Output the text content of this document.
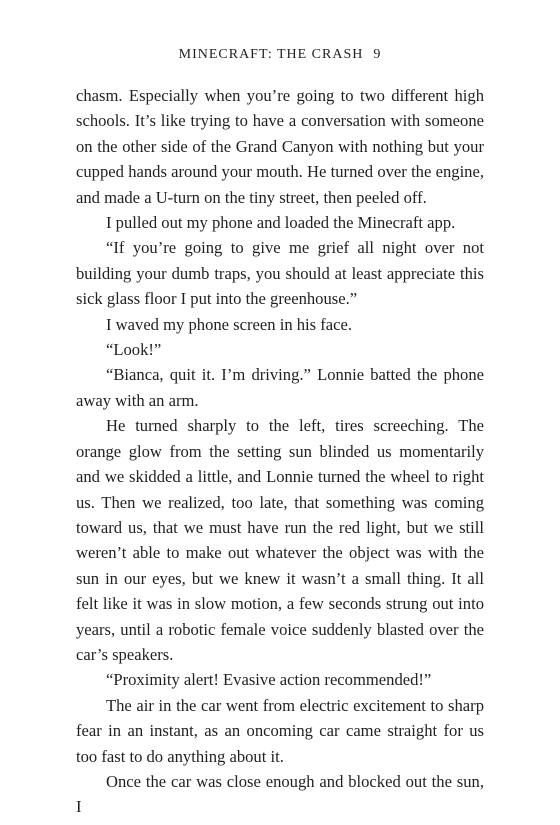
MINECRAFT: THE CRASH 9

chasm. Especially when you’re going to two different high schools. It’s like trying to have a conversation with someone on the other side of the Grand Canyon with nothing but your cupped hands around your mouth. He turned over the engine, and made a U-turn on the tiny street, then peeled off.

I pulled out my phone and loaded the Minecraft app.

“If you’re going to give me grief all night over not building your dumb traps, you should at least appreciate this sick glass floor I put into the greenhouse.”

I waved my phone screen in his face.

“Look!”

“Bianca, quit it. I’m driving.” Lonnie batted the phone away with an arm.

He turned sharply to the left, tires screeching. The orange glow from the setting sun blinded us momentarily and we skidded a little, and Lonnie turned the wheel to right us. Then we realized, too late, that something was coming toward us, that we must have run the red light, but we still weren’t able to make out whatever the object was with the sun in our eyes, but we knew it wasn’t a small thing. It all felt like it was in slow motion, a few seconds strung out into years, until a robotic female voice suddenly blasted over the car’s speakers.

“Proximity alert! Evasive action recommended!”

The air in the car went from electric excitement to sharp fear in an instant, as an oncoming car came straight for us too fast to do anything about it.

Once the car was close enough and blocked out the sun, I
